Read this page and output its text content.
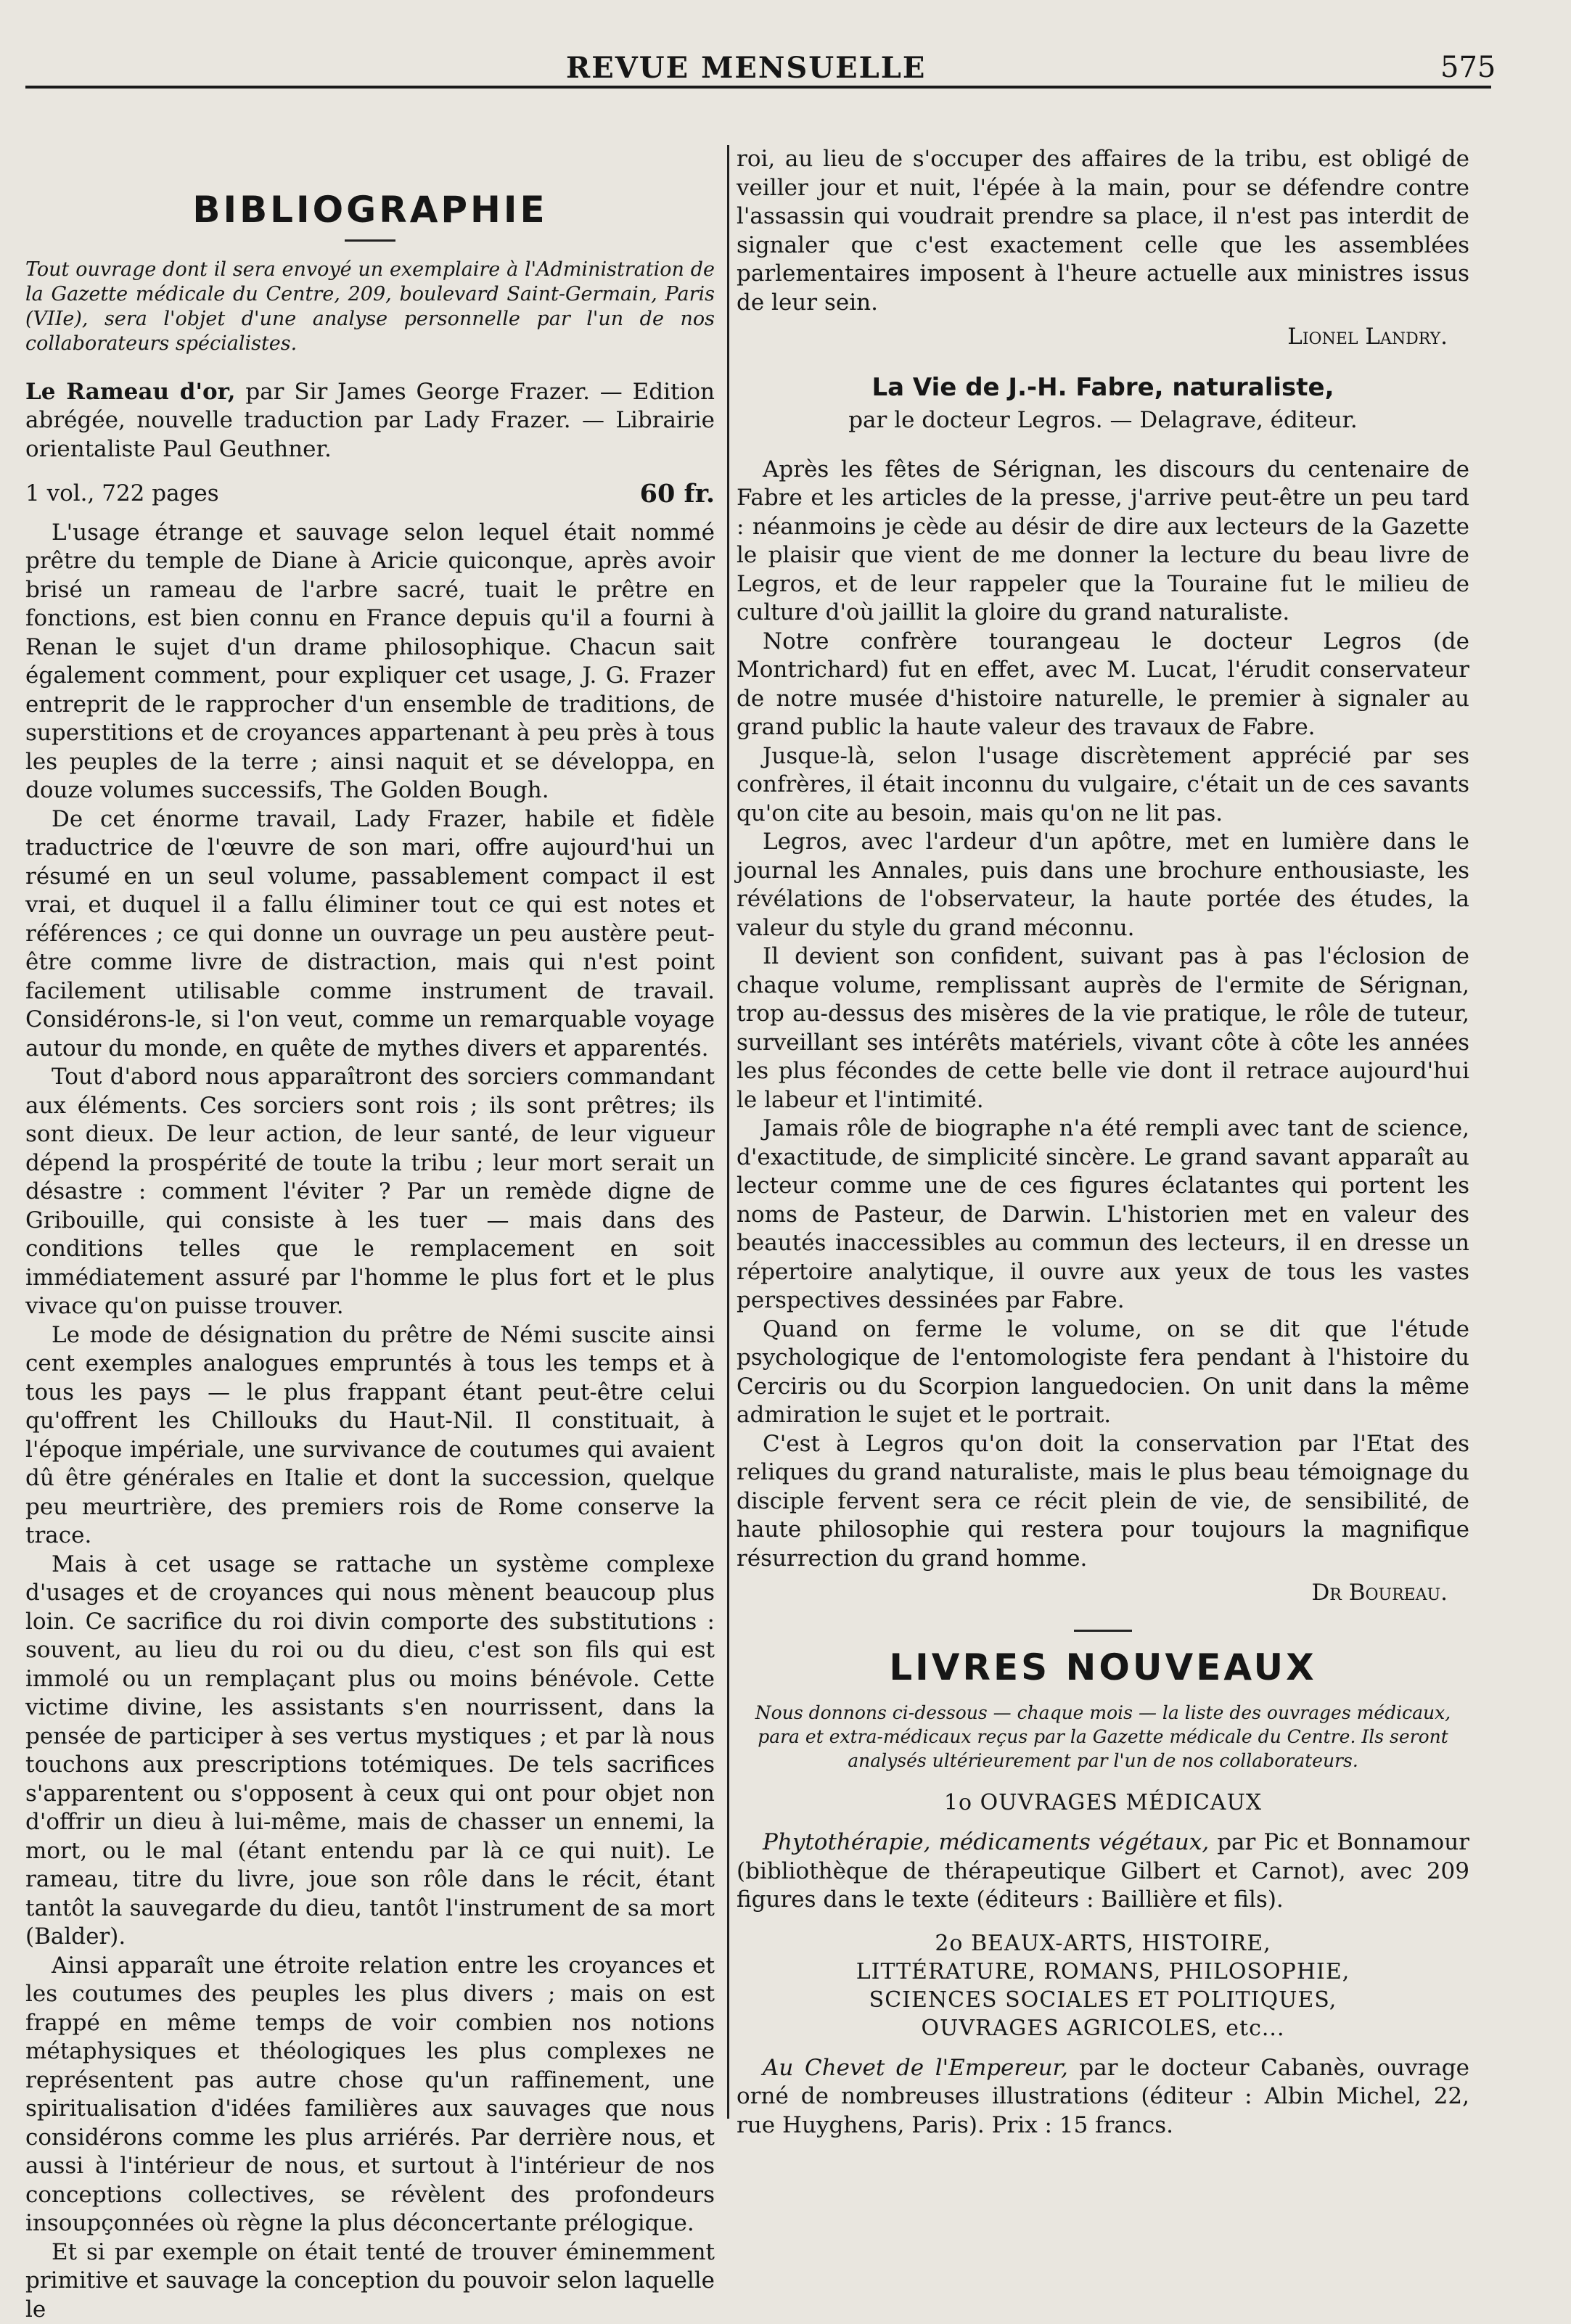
REVUE MENSUELLE	575
BIBLIOGRAPHIE

Tout ouvrage dont il sera envoyé un exemplaire à l'Administration de la Gazette médicale du Centre, 209, boulevard Saint-Germain, Paris (VIIe), sera l'objet d'une analyse personnelle par l'un de nos collaborateurs spécialistes.

Le Rameau d'or, par Sir James George Frazer. — Edition abrégée, nouvelle traduction par Lady Frazer. — Librairie orientaliste Paul Geuthner.

1 vol., 722 pages	60 fr.

L'usage étrange et sauvage selon lequel était nommé prêtre du temple de Diane à Aricie quiconque, après avoir brisé un rameau de l'arbre sacré, tuait le prêtre en fonctions, est bien connu en France depuis qu'il a fourni à Renan le sujet d'un drame philosophique. Chacun sait également comment, pour expliquer cet usage, J. G. Frazer entreprit de le rapprocher d'un ensemble de traditions, de superstitions et de croyances appartenant à peu près à tous les peuples de la terre ; ainsi naquit et se développa, en douze volumes successifs, The Golden Bough.

De cet énorme travail, Lady Frazer, habile et fidèle traductrice de l'œuvre de son mari, offre aujourd'hui un résumé en un seul volume, passablement compact il est vrai, et duquel il a fallu éliminer tout ce qui est notes et références ; ce qui donne un ouvrage un peu austère peut-être comme livre de distraction, mais qui n'est point facilement utilisable comme instrument de travail. Considérons-le, si l'on veut, comme un remarquable voyage autour du monde, en quête de mythes divers et apparentés.

Tout d'abord nous apparaîtront des sorciers commandant aux éléments. Ces sorciers sont rois ; ils sont prêtres; ils sont dieux. De leur action, de leur santé, de leur vigueur dépend la prospérité de toute la tribu ; leur mort serait un désastre : comment l'éviter ? Par un remède digne de Gribouille, qui consiste à les tuer — mais dans des conditions telles que le remplacement en soit immédiatement assuré par l'homme le plus fort et le plus vivace qu'on puisse trouver.

Le mode de désignation du prêtre de Némi suscite ainsi cent exemples analogues empruntés à tous les temps et à tous les pays — le plus frappant étant peut-être celui qu'offrent les Chillouks du Haut-Nil. Il constituait, à l'époque impériale, une survivance de coutumes qui avaient dû être générales en Italie et dont la succession, quelque peu meurtrière, des premiers rois de Rome conserve la trace.

Mais à cet usage se rattache un système complexe d'usages et de croyances qui nous mènent beaucoup plus loin. Ce sacrifice du roi divin comporte des substitutions : souvent, au lieu du roi ou du dieu, c'est son fils qui est immolé ou un remplaçant plus ou moins bénévole. Cette victime divine, les assistants s'en nourrissent, dans la pensée de participer à ses vertus mystiques ; et par là nous touchons aux prescriptions totémiques. De tels sacrifices s'apparentent ou s'opposent à ceux qui ont pour objet non d'offrir un dieu à lui-même, mais de chasser un ennemi, la mort, ou le mal (étant entendu par là ce qui nuit). Le rameau, titre du livre, joue son rôle dans le récit, étant tantôt la sauvegarde du dieu, tantôt l'instrument de sa mort (Balder).

Ainsi apparaît une étroite relation entre les croyances et les coutumes des peuples les plus divers ; mais on est frappé en même temps de voir combien nos notions métaphysiques et théologiques les plus complexes ne représentent pas autre chose qu'un raffinement, une spiritualisation d'idées familières aux sauvages que nous considérons comme les plus arriérés. Par derrière nous, et aussi à l'intérieur de nous, et surtout à l'intérieur de nos conceptions collectives, se révèlent des profondeurs insoupçonnées où règne la plus déconcertante prélogique.

Et si par exemple on était tenté de trouver éminemment primitive et sauvage la conception du pouvoir selon laquelle le

roi, au lieu de s'occuper des affaires de la tribu, est obligé de veiller jour et nuit, l'épée à la main, pour se défendre contre l'assassin qui voudrait prendre sa place, il n'est pas interdit de signaler que c'est exactement celle que les assemblées parlementaires imposent à l'heure actuelle aux ministres issus de leur sein.

Lionel Landry.

La Vie de J.-H. Fabre, naturaliste,
par le docteur Legros. — Delagrave, éditeur.

Après les fêtes de Sérignan, les discours du centenaire de Fabre et les articles de la presse, j'arrive peut-être un peu tard : néanmoins je cède au désir de dire aux lecteurs de la Gazette le plaisir que vient de me donner la lecture du beau livre de Legros, et de leur rappeler que la Touraine fut le milieu de culture d'où jaillit la gloire du grand naturaliste.

Notre confrère tourangeau le docteur Legros (de Montrichard) fut en effet, avec M. Lucat, l'érudit conservateur de notre musée d'histoire naturelle, le premier à signaler au grand public la haute valeur des travaux de Fabre.

Jusque-là, selon l'usage discrètement apprécié par ses confrères, il était inconnu du vulgaire, c'était un de ces savants qu'on cite au besoin, mais qu'on ne lit pas.

Legros, avec l'ardeur d'un apôtre, met en lumière dans le journal les Annales, puis dans une brochure enthousiaste, les révélations de l'observateur, la haute portée des études, la valeur du style du grand méconnu.

Il devient son confident, suivant pas à pas l'éclosion de chaque volume, remplissant auprès de l'ermite de Sérignan, trop au-dessus des misères de la vie pratique, le rôle de tuteur, surveillant ses intérêts matériels, vivant côte à côte les années les plus fécondes de cette belle vie dont il retrace aujourd'hui le labeur et l'intimité.

Jamais rôle de biographe n'a été rempli avec tant de science, d'exactitude, de simplicité sincère. Le grand savant apparaît au lecteur comme une de ces figures éclatantes qui portent les noms de Pasteur, de Darwin. L'historien met en valeur des beautés inaccessibles au commun des lecteurs, il en dresse un répertoire analytique, il ouvre aux yeux de tous les vastes perspectives dessinées par Fabre.

Quand on ferme le volume, on se dit que l'étude psychologique de l'entomologiste fera pendant à l'histoire du Cerciris ou du Scorpion languedocien. On unit dans la même admiration le sujet et le portrait.

C'est à Legros qu'on doit la conservation par l'Etat des reliques du grand naturaliste, mais le plus beau témoignage du disciple fervent sera ce récit plein de vie, de sensibilité, de haute philosophie qui restera pour toujours la magnifique résurrection du grand homme.

Dr Boureau.

LIVRES NOUVEAUX

Nous donnons ci-dessous — chaque mois — la liste des ouvrages médicaux, para et extra-médicaux reçus par la Gazette médicale du Centre. Ils seront analysés ultérieurement par l'un de nos collaborateurs.

1o OUVRAGES MÉDICAUX

Phytothérapie, médicaments végétaux, par Pic et Bonnamour (bibliothèque de thérapeutique Gilbert et Carnot), avec 209 figures dans le texte (éditeurs : Baillière et fils).

2o BEAUX-ARTS, HISTOIRE,
LITTÉRATURE, ROMANS, PHILOSOPHIE,
SCIENCES SOCIALES ET POLITIQUES,
OUVRAGES AGRICOLES, etc...

Au Chevet de l'Empereur, par le docteur Cabanès, ouvrage orné de nombreuses illustrations (éditeur : Albin Michel, 22, rue Huyghens, Paris). Prix : 15 francs.
